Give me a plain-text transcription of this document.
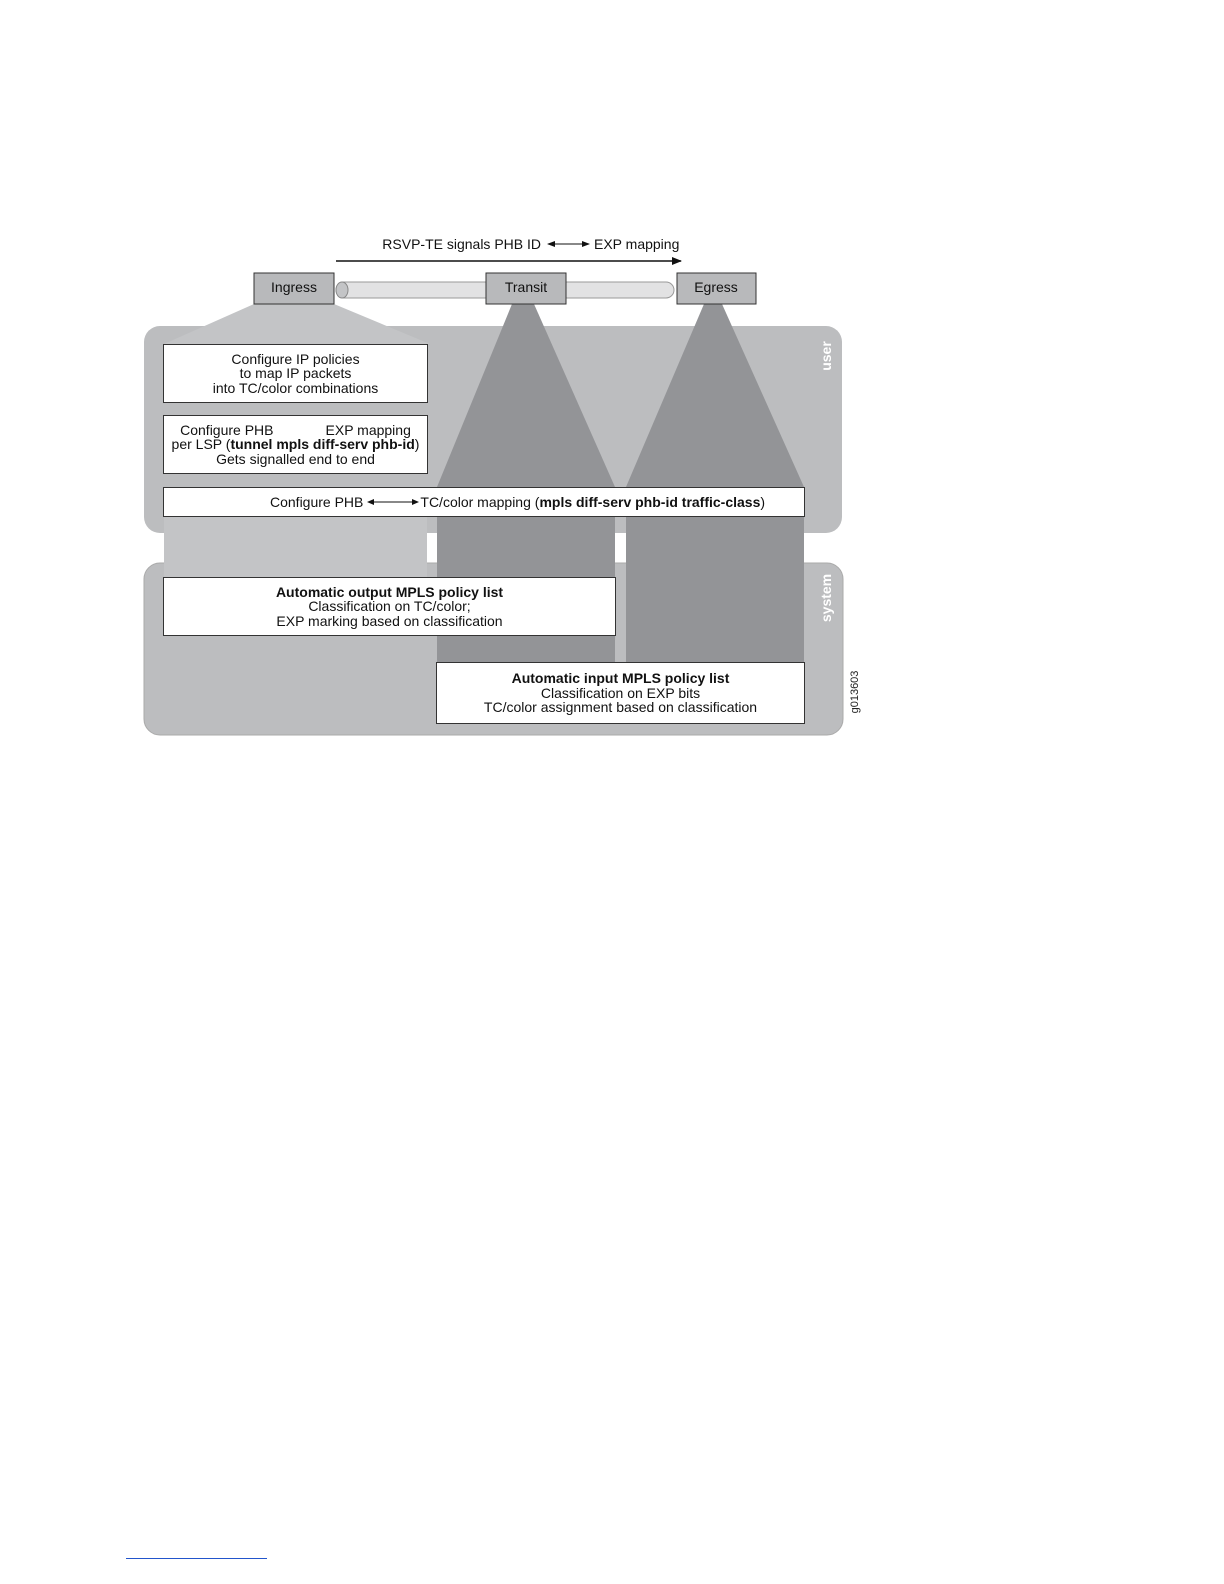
RSVP-TE signals PHB ID	EXP mapping
Ingress	Transit	Egress
user
system
g013603
Configure IP policies
to map IP packets
into TC/color combinations
Configure PHB	EXP mapping
per LSP (tunnel mpls diff-serv phb-id)
Gets signalled end to end
Configure PHB	TC/color mapping ( mpls diff-serv phb-id traffic-class )
Automatic output MPLS policy list
Classification on TC/color;
EXP marking based on classification
Automatic input MPLS policy list
Classification on EXP bits
TC/color assignment based on classification
